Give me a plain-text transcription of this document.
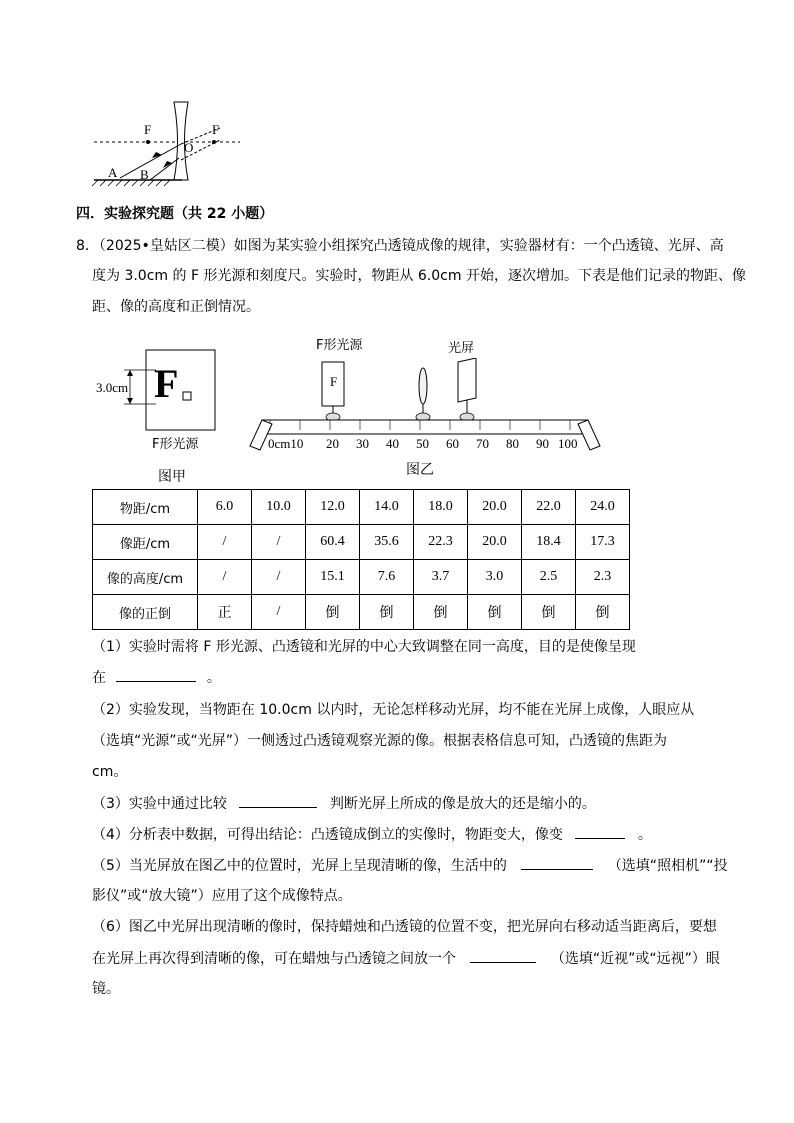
F	F
O
A B
四．实验探究题（共 22 小题）
8．（2025•皇姑区二模）如图为某实验小组探究凸透镜成像的规律，实验器材有：一个凸透镜、光屏、高
度为 3.0cm 的 F 形光源和刻度尺。实验时，物距从 6.0cm 开始，逐次增加。下表是他们记录的物距、像
距、像的高度和正倒情况。
3.0cm F
F形光源
图甲
F形光源
F
光屏
0cm10 20 30 40 50 60 70 80 90 100
图乙
物距/cm	6.0	10.0	12.0	14.0	18.0	20.0	22.0	24.0
像距/cm	/	/	60.4	35.6	22.3	20.0	18.4	17.3
像的高度/cm	/	/	15.1	7.6	3.7	3.0	2.5	2.3
像的正倒	正	/	倒	倒	倒	倒	倒	倒
（1）实验时需将 F 形光源、凸透镜和光屏的中心大致调整在同一高度，目的是使像呈现
在	。
（2）实验发现，当物距在 10.0cm 以内时，无论怎样移动光屏，均不能在光屏上成像，人眼应从
（选填“光源”或“光屏”）一侧透过凸透镜观察光源的像。根据表格信息可知，凸透镜的焦距为
cm。
（3）实验中通过比较	判断光屏上所成的像是放大的还是缩小的。
（4）分析表中数据，可得出结论：凸透镜成倒立的实像时，物距变大，像变	。
（5）当光屏放在图乙中的位置时，光屏上呈现清晰的像，生活中的	（选填“照相机”“投
影仪”或“放大镜”）应用了这个成像特点。
（6）图乙中光屏出现清晰的像时，保持蜡烛和凸透镜的位置不变，把光屏向右移动适当距离后，要想
在光屏上再次得到清晰的像，可在蜡烛与凸透镜之间放一个	（选填“近视”或“远视”）眼
镜。
